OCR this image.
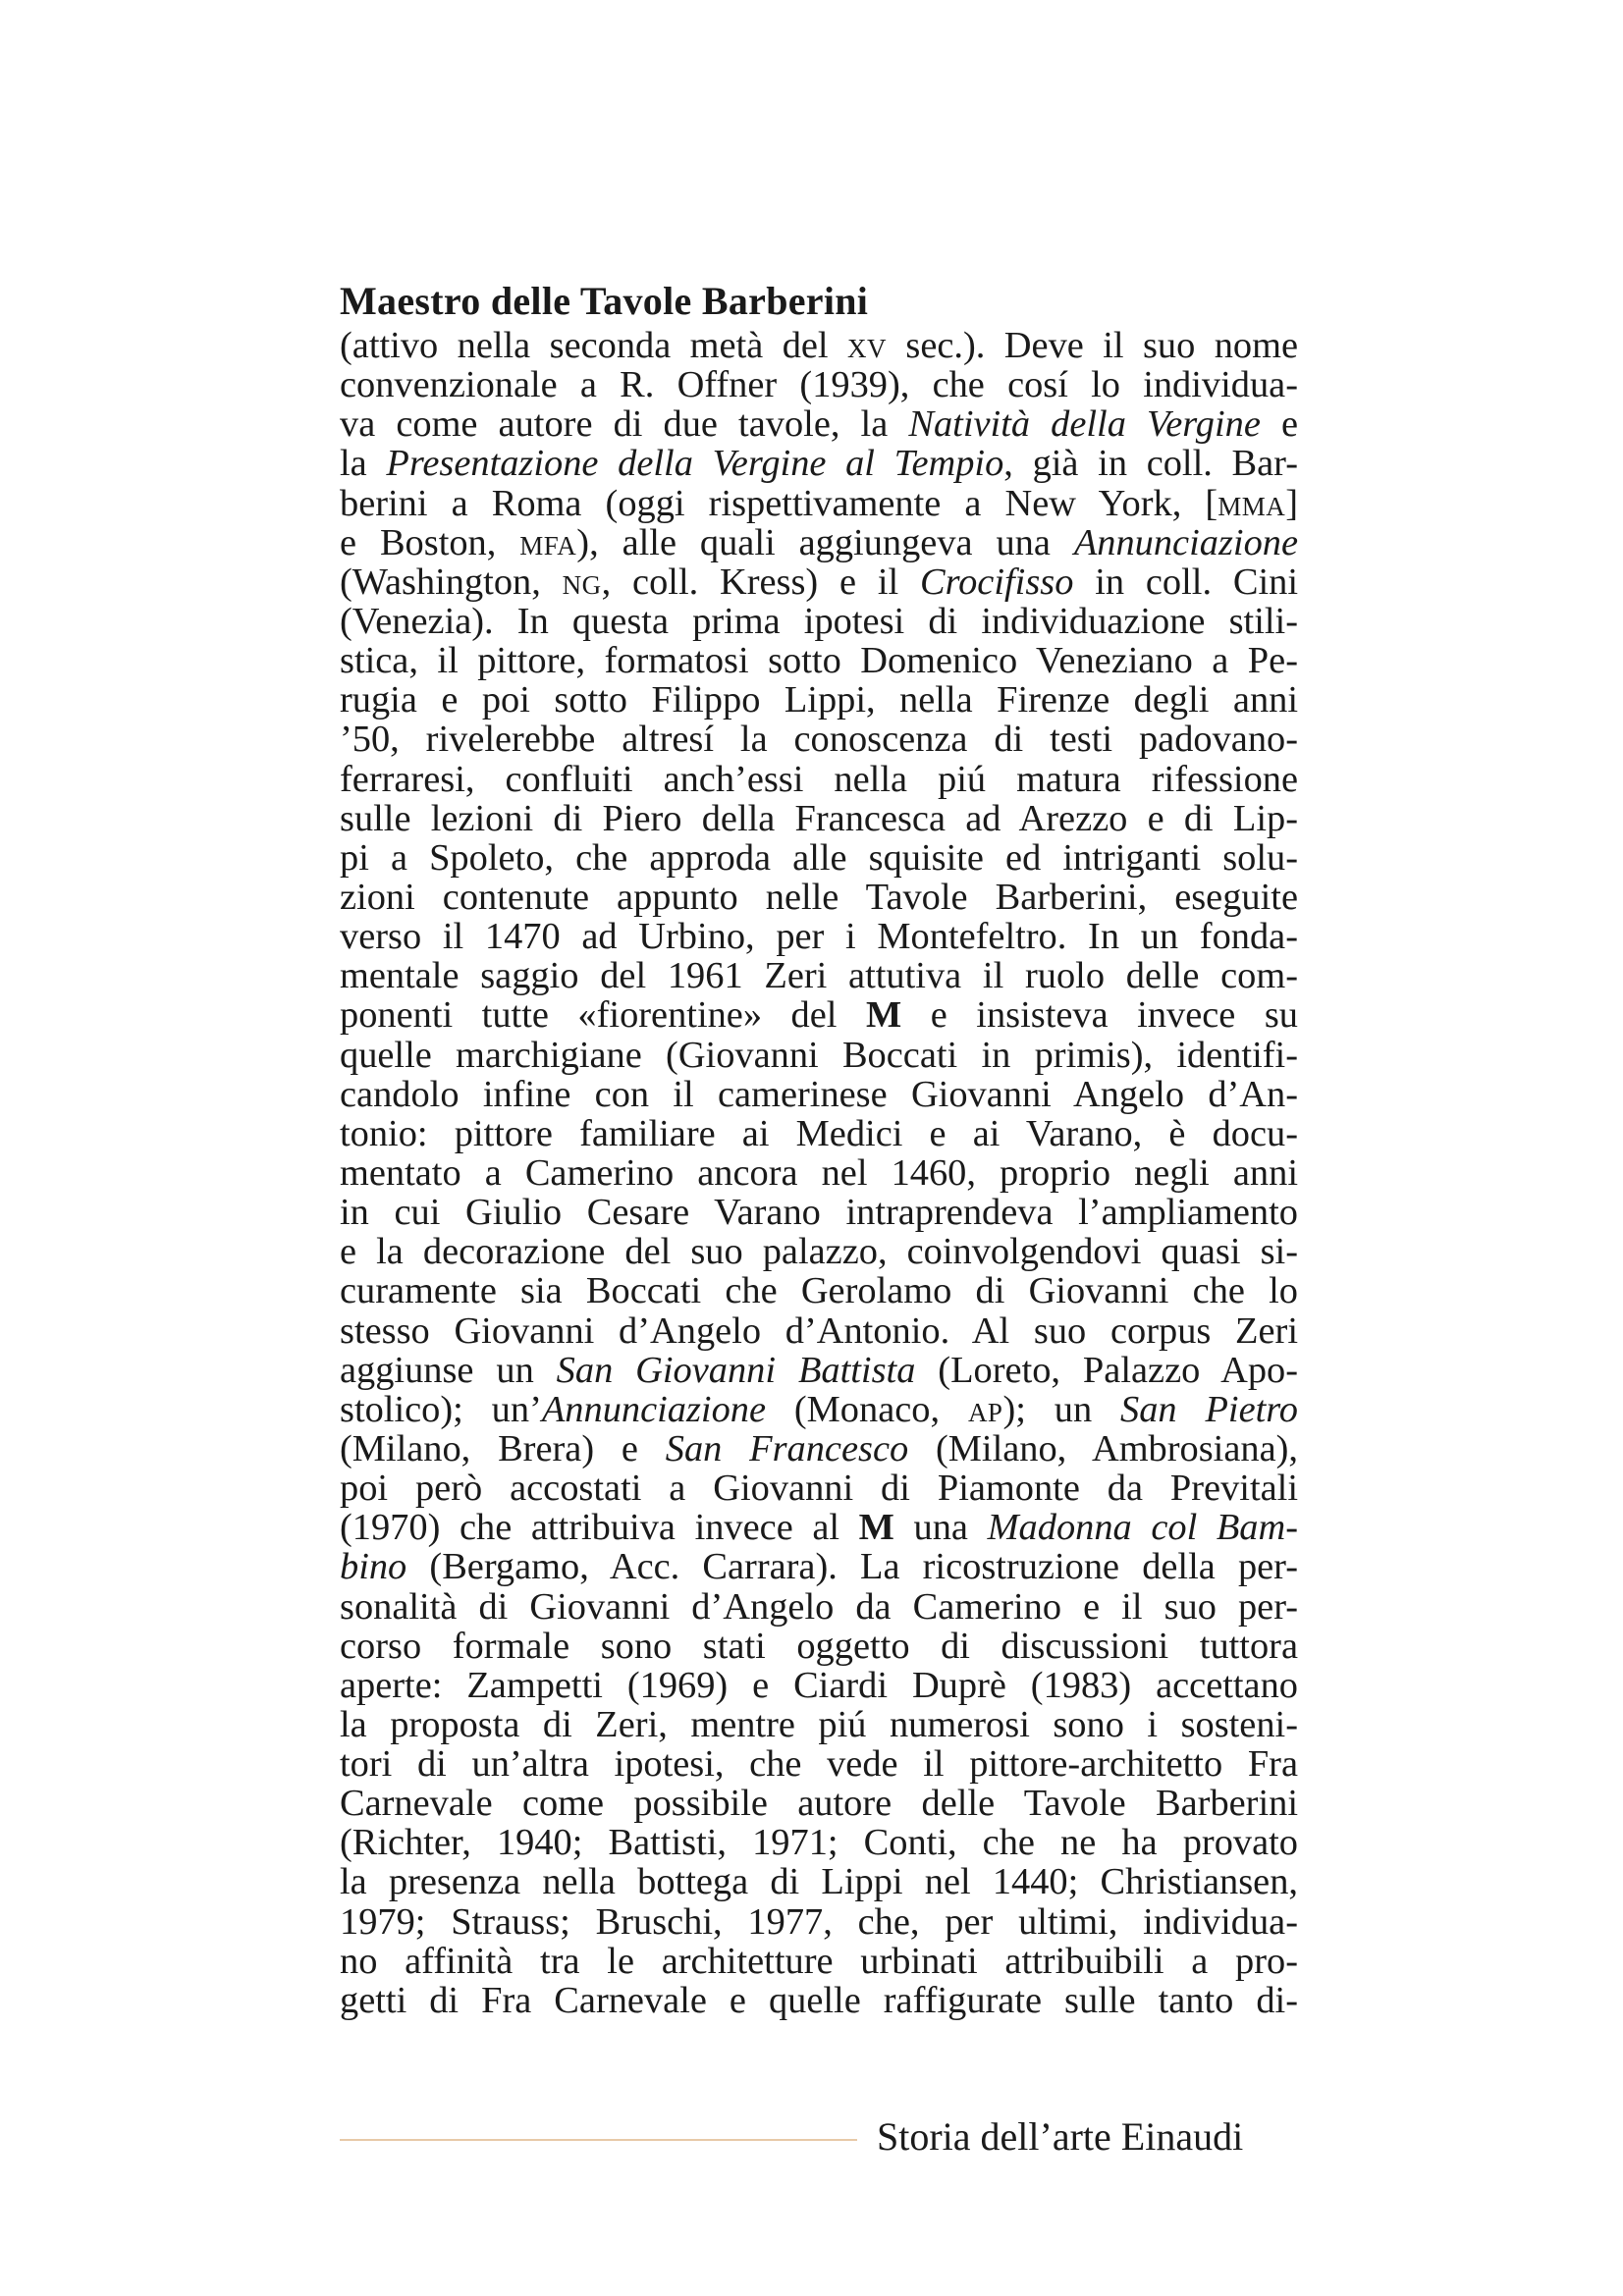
Maestro delle Tavole Barberini
(attivo nella seconda metà del xv sec.). Deve il suo nome
convenzionale a R. Offner (1939), che cosí lo individua-
va come autore di due tavole, la Natività della Vergine e
la Presentazione della Vergine al Tempio, già in coll. Bar-
berini a Roma (oggi rispettivamente a New York, [mma]
e Boston, mfa), alle quali aggiungeva una Annunciazione
(Washington, ng, coll. Kress) e il Crocifisso in coll. Cini
(Venezia). In questa prima ipotesi di individuazione stili-
stica, il pittore, formatosi sotto Domenico Veneziano a Pe-
rugia e poi sotto Filippo Lippi, nella Firenze degli anni
’50, rivelerebbe altresí la conoscenza di testi padovano-
ferraresi, confluiti anch’essi nella piú matura rifessione
sulle lezioni di Piero della Francesca ad Arezzo e di Lip-
pi a Spoleto, che approda alle squisite ed intriganti solu-
zioni contenute appunto nelle Tavole Barberini, eseguite
verso il 1470 ad Urbino, per i Montefeltro. In un fonda-
mentale saggio del 1961 Zeri attutiva il ruolo delle com-
ponenti tutte «fiorentine» del M e insisteva invece su
quelle marchigiane (Giovanni Boccati in primis), identifi-
candolo infine con il camerinese Giovanni Angelo d’An-
tonio: pittore familiare ai Medici e ai Varano, è docu-
mentato a Camerino ancora nel 1460, proprio negli anni
in cui Giulio Cesare Varano intraprendeva l’ampliamento
e la decorazione del suo palazzo, coinvolgendovi quasi si-
curamente sia Boccati che Gerolamo di Giovanni che lo
stesso Giovanni d’Angelo d’Antonio. Al suo corpus Zeri
aggiunse un San Giovanni Battista (Loreto, Palazzo Apo-
stolico); un’Annunciazione (Monaco, ap); un San Pietro
(Milano, Brera) e San Francesco (Milano, Ambrosiana),
poi però accostati a Giovanni di Piamonte da Previtali
(1970) che attribuiva invece al M una Madonna col Bam-
bino (Bergamo, Acc. Carrara). La ricostruzione della per-
sonalità di Giovanni d’Angelo da Camerino e il suo per-
corso formale sono stati oggetto di discussioni tuttora
aperte: Zampetti (1969) e Ciardi Duprè (1983) accettano
la proposta di Zeri, mentre piú numerosi sono i sosteni-
tori di un’altra ipotesi, che vede il pittore-architetto Fra
Carnevale come possibile autore delle Tavole Barberini
(Richter, 1940; Battisti, 1971; Conti, che ne ha provato
la presenza nella bottega di Lippi nel 1440; Christiansen,
1979; Strauss; Bruschi, 1977, che, per ultimi, individua-
no affinità tra le architetture urbinati attribuibili a pro-
getti di Fra Carnevale e quelle raffigurate sulle tanto di-
Storia dell’arte Einaudi
